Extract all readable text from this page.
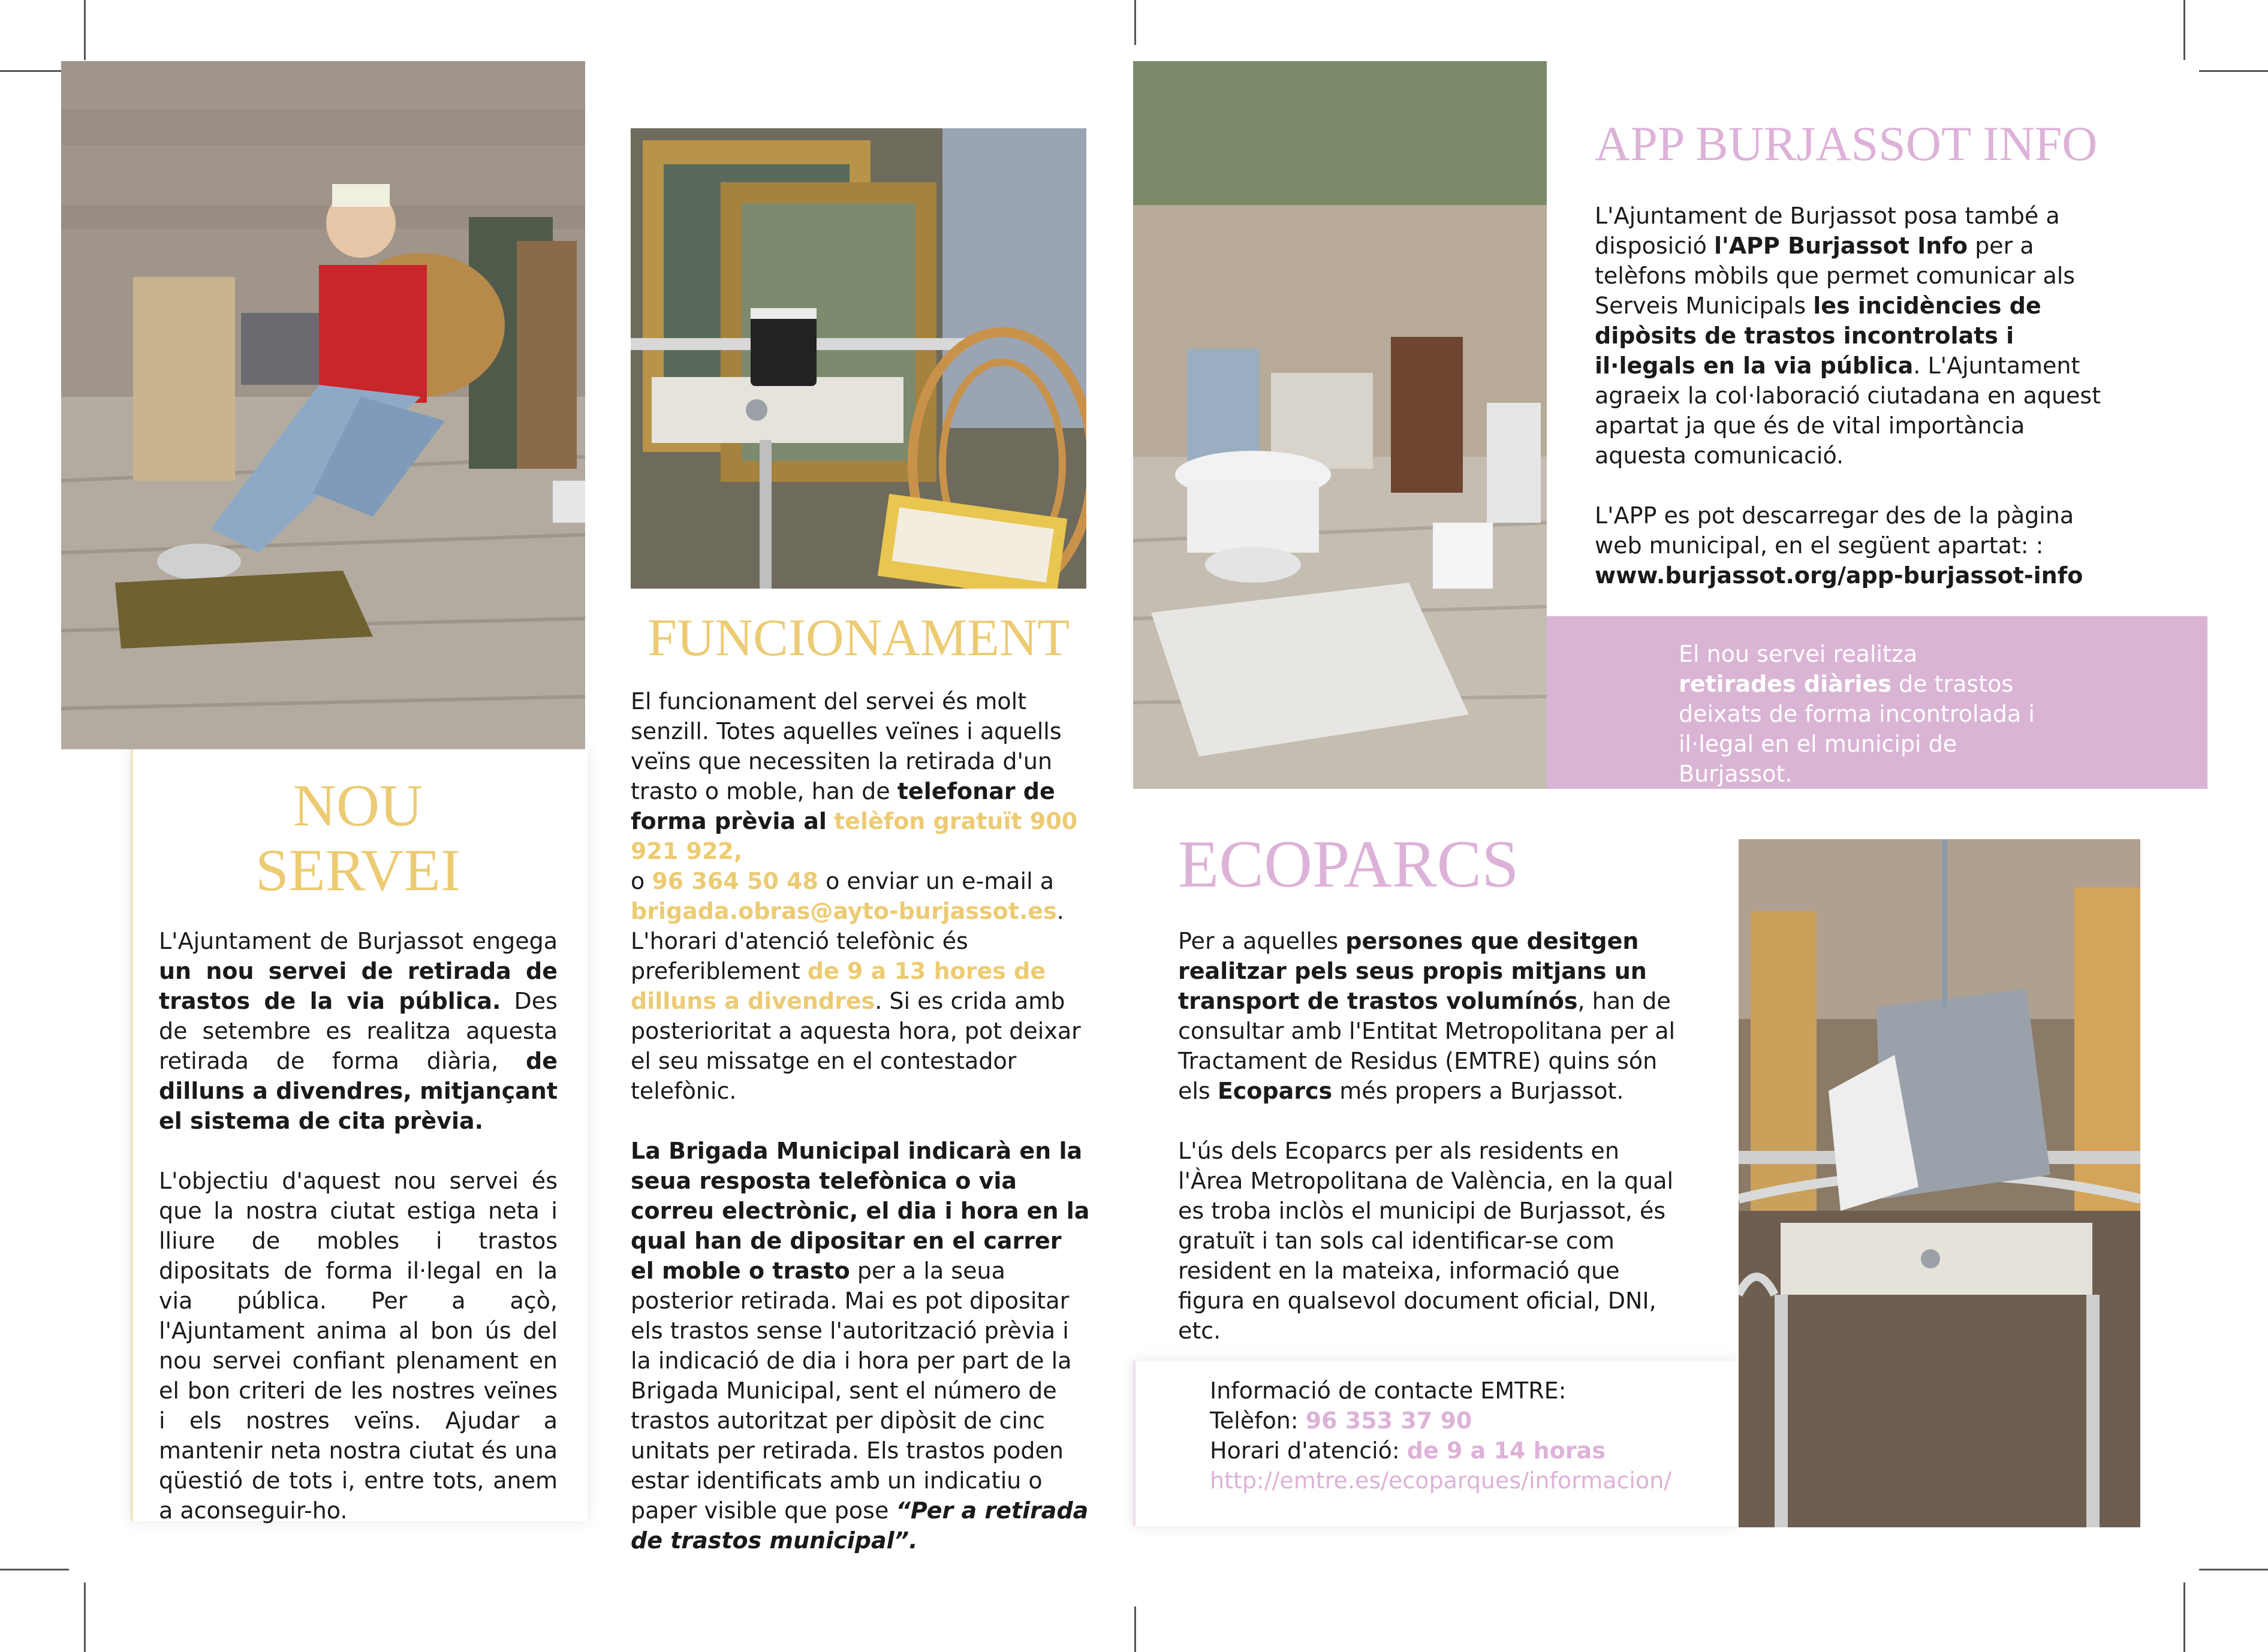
NOU
SERVEI

L'Ajuntament de Burjassot engega un nou servei de retirada de trastos de la via pública. Des de setembre es realitza aquesta retirada de forma diària, de dilluns a divendres, mitjançant el sistema de cita prèvia.

L'objectiu d'aquest nou servei és que la nostra ciutat estiga neta i lliure de mobles i trastos dipositats de forma il·legal en la via pública. Per a açò, l'Ajuntament anima al bon ús del nou servei confiant plenament en el bon criteri de les nostres veïnes i els nostres veïns. Ajudar a mantenir neta nostra ciutat és una qüestió de tots i, entre tots, anem a aconseguir-ho.

FUNCIONAMENT

El funcionament del servei és molt senzill. Totes aquelles veïnes i aquells veïns que necessiten la retirada d'un trasto o moble, han de telefonar de forma prèvia al telèfon gratuït 900 921 922,
o 96 364 50 48 o enviar un e-mail a
brigada.obras@ayto-burjassot.es. L'horari d'atenció telefònic és preferiblement de 9 a 13 hores de dilluns a divendres. Si es crida amb posterioritat a aquesta hora, pot deixar el seu missatge en el contestador telefònic.

La Brigada Municipal indicarà en la seua resposta telefònica o via correu electrònic, el dia i hora en la qual han de dipositar en el carrer el moble o trasto per a la seua posterior retirada. Mai es pot dipositar els trastos sense l'autorització prèvia i la indicació de dia i hora per part de la Brigada Municipal, sent el número de trastos autoritzat per dipòsit de cinc unitats per retirada. Els trastos poden estar identificats amb un indicatiu o paper visible que pose “Per a retirada de trastos municipal”.

APP BURJASSOT INFO

L'Ajuntament de Burjassot posa també a disposició l'APP Burjassot Info per a telèfons mòbils que permet comunicar als Serveis Municipals les incidències de dipòsits de trastos incontrolats i il·legals en la via pública. L'Ajuntament agraeix la col·laboració ciutadana en aquest apartat ja que és de vital importància aquesta comunicació.

L'APP es pot descarregar des de la pàgina web municipal, en el següent apartat: :
www.burjassot.org/app-burjassot-info

El nou servei realitza
retirades diàries de trastos deixats de forma incontrolada i il·legal en el municipi de Burjassot.
ECOPARCS

Per a aquelles persones que desitgen realitzar pels seus propis mitjans un transport de trastos volumínós, han de consultar amb l'Entitat Metropolitana per al Tractament de Residus (EMTRE) quins són els Ecoparcs més propers a Burjassot.

L'ús dels Ecoparcs per als residents en l'Àrea Metropolitana de València, en la qual es troba inclòs el municipi de Burjassot, és gratuït i tan sols cal identificar-se com resident en la mateixa, informació que figura en qualsevol document oficial, DNI, etc.

Informació de contacte EMTRE:
Telèfon: 96 353 37 90
Horari d'atenció: de 9 a 14 horas
http://emtre.es/ecoparques/informacion/
